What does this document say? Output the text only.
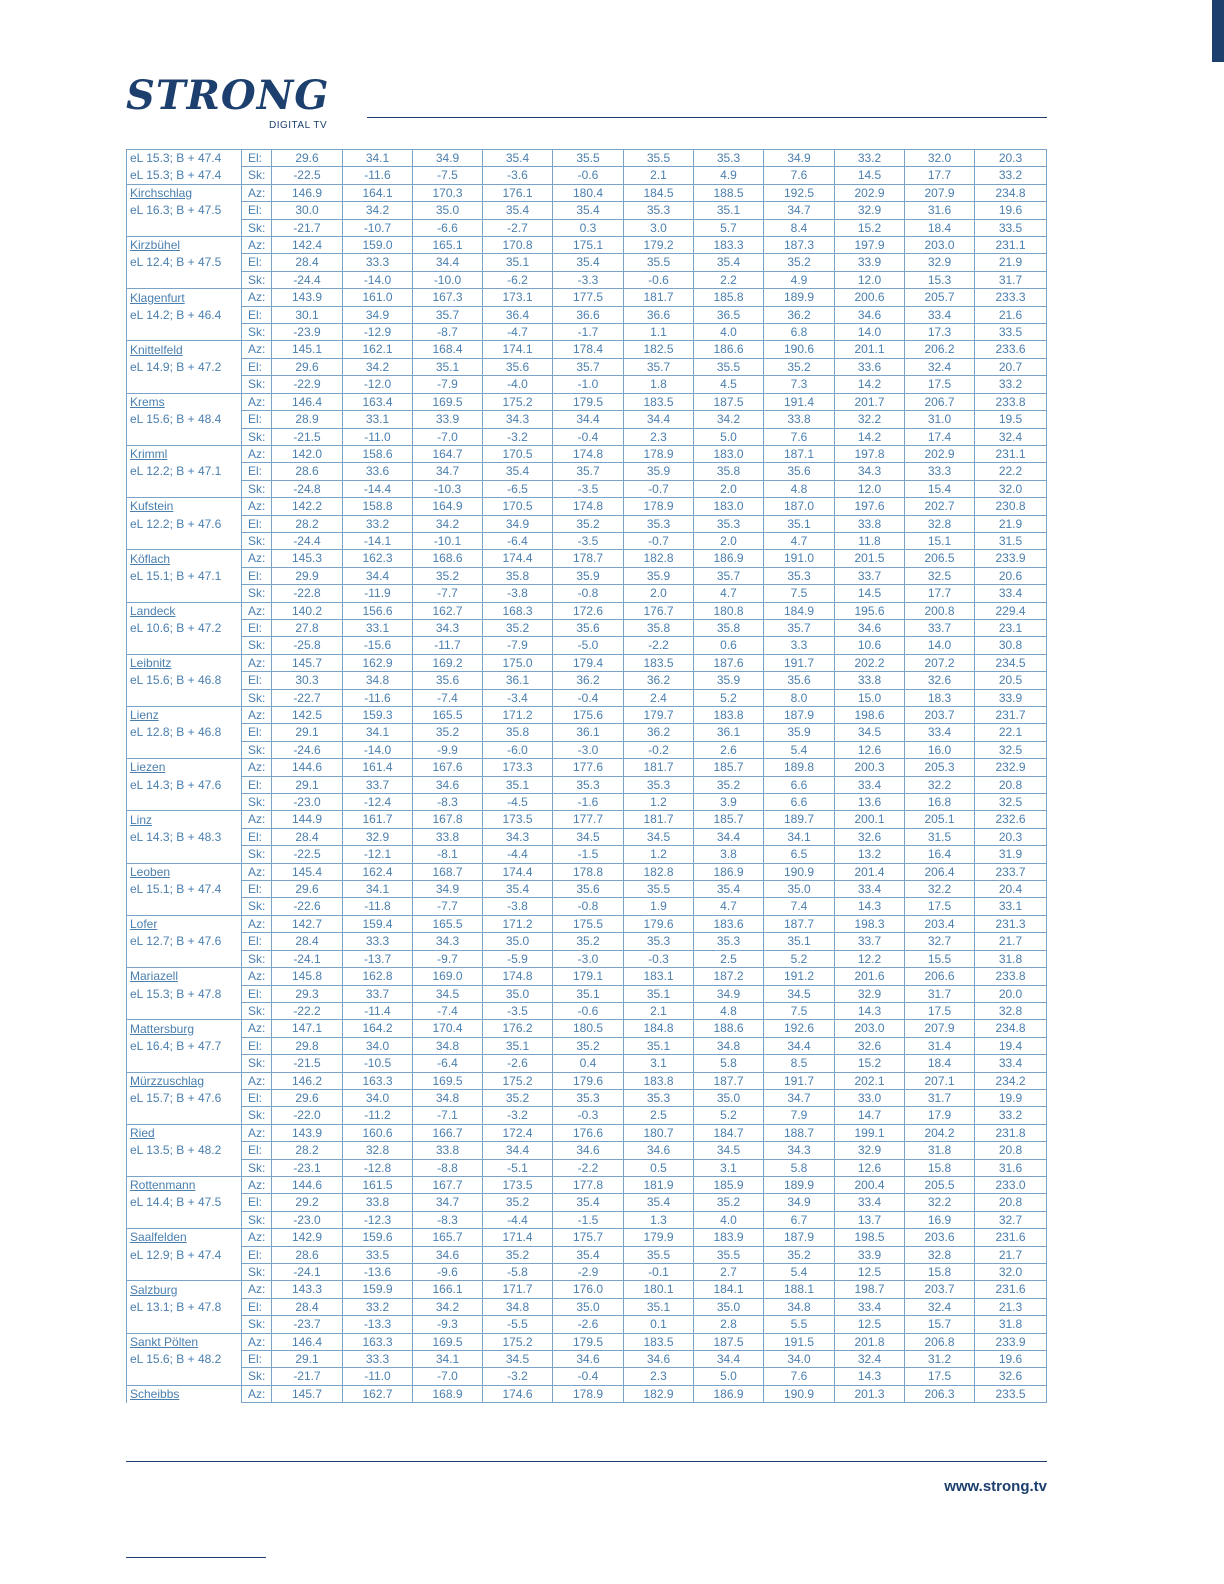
STRONG
DIGITAL TV
eL 15.3; B + 47.4	El:	29.6	34.1	34.9	35.4	35.5	35.5	35.3	34.9	33.2	32.0	20.3
eL 15.3; B + 47.4	Sk:	-22.5	-11.6	-7.5	-3.6	-0.6	2.1	4.9	7.6	14.5	17.7	33.2
Kirchschlag	Az:	146.9	164.1	170.3	176.1	180.4	184.5	188.5	192.5	202.9	207.9	234.8
eL 16.3; B + 47.5	El:	30.0	34.2	35.0	35.4	35.4	35.3	35.1	34.7	32.9	31.6	19.6
	Sk:	-21.7	-10.7	-6.6	-2.7	0.3	3.0	5.7	8.4	15.2	18.4	33.5
Kirzbühel	Az:	142.4	159.0	165.1	170.8	175.1	179.2	183.3	187.3	197.9	203.0	231.1
eL 12.4; B + 47.5	El:	28.4	33.3	34.4	35.1	35.4	35.5	35.4	35.2	33.9	32.9	21.9
	Sk:	-24.4	-14.0	-10.0	-6.2	-3.3	-0.6	2.2	4.9	12.0	15.3	31.7
Klagenfurt	Az:	143.9	161.0	167.3	173.1	177.5	181.7	185.8	189.9	200.6	205.7	233.3
eL 14.2; B + 46.4	El:	30.1	34.9	35.7	36.4	36.6	36.6	36.5	36.2	34.6	33.4	21.6
	Sk:	-23.9	-12.9	-8.7	-4.7	-1.7	1.1	4.0	6.8	14.0	17.3	33.5
Knittelfeld	Az:	145.1	162.1	168.4	174.1	178.4	182.5	186.6	190.6	201.1	206.2	233.6
eL 14.9; B + 47.2	El:	29.6	34.2	35.1	35.6	35.7	35.7	35.5	35.2	33.6	32.4	20.7
	Sk:	-22.9	-12.0	-7.9	-4.0	-1.0	1.8	4.5	7.3	14.2	17.5	33.2
Krems	Az:	146.4	163.4	169.5	175.2	179.5	183.5	187.5	191.4	201.7	206.7	233.8
eL 15.6; B + 48.4	El:	28.9	33.1	33.9	34.3	34.4	34.4	34.2	33.8	32.2	31.0	19.5
	Sk:	-21.5	-11.0	-7.0	-3.2	-0.4	2.3	5.0	7.6	14.2	17.4	32.4
Krimml	Az:	142.0	158.6	164.7	170.5	174.8	178.9	183.0	187.1	197.8	202.9	231.1
eL 12.2; B + 47.1	El:	28.6	33.6	34.7	35.4	35.7	35.9	35.8	35.6	34.3	33.3	22.2
	Sk:	-24.8	-14.4	-10.3	-6.5	-3.5	-0.7	2.0	4.8	12.0	15.4	32.0
Kufstein	Az:	142.2	158.8	164.9	170.5	174.8	178.9	183.0	187.0	197.6	202.7	230.8
eL 12.2; B + 47.6	El:	28.2	33.2	34.2	34.9	35.2	35.3	35.3	35.1	33.8	32.8	21.9
	Sk:	-24.4	-14.1	-10.1	-6.4	-3.5	-0.7	2.0	4.7	11.8	15.1	31.5
Köflach	Az:	145.3	162.3	168.6	174.4	178.7	182.8	186.9	191.0	201.5	206.5	233.9
eL 15.1; B + 47.1	El:	29.9	34.4	35.2	35.8	35.9	35.9	35.7	35.3	33.7	32.5	20.6
	Sk:	-22.8	-11.9	-7.7	-3.8	-0.8	2.0	4.7	7.5	14.5	17.7	33.4
Landeck	Az:	140.2	156.6	162.7	168.3	172.6	176.7	180.8	184.9	195.6	200.8	229.4
eL 10.6; B + 47.2	El:	27.8	33.1	34.3	35.2	35.6	35.8	35.8	35.7	34.6	33.7	23.1
	Sk:	-25.8	-15.6	-11.7	-7.9	-5.0	-2.2	0.6	3.3	10.6	14.0	30.8
Leibnitz	Az:	145.7	162.9	169.2	175.0	179.4	183.5	187.6	191.7	202.2	207.2	234.5
eL 15.6; B + 46.8	El:	30.3	34.8	35.6	36.1	36.2	36.2	35.9	35.6	33.8	32.6	20.5
	Sk:	-22.7	-11.6	-7.4	-3.4	-0.4	2.4	5.2	8.0	15.0	18.3	33.9
Lienz	Az:	142.5	159.3	165.5	171.2	175.6	179.7	183.8	187.9	198.6	203.7	231.7
eL 12.8; B + 46.8	El:	29.1	34.1	35.2	35.8	36.1	36.2	36.1	35.9	34.5	33.4	22.1
	Sk:	-24.6	-14.0	-9.9	-6.0	-3.0	-0.2	2.6	5.4	12.6	16.0	32.5
Liezen	Az:	144.6	161.4	167.6	173.3	177.6	181.7	185.7	189.8	200.3	205.3	232.9
eL 14.3; B + 47.6	El:	29.1	33.7	34.6	35.1	35.3	35.3	35.2	6.6	33.4	32.2	20.8
	Sk:	-23.0	-12.4	-8.3	-4.5	-1.6	1.2	3.9	6.6	13.6	16.8	32.5
Linz	Az:	144.9	161.7	167.8	173.5	177.7	181.7	185.7	189.7	200.1	205.1	232.6
eL 14.3; B + 48.3	El:	28.4	32.9	33.8	34.3	34.5	34.5	34.4	34.1	32.6	31.5	20.3
	Sk:	-22.5	-12.1	-8.1	-4.4	-1.5	1.2	3.8	6.5	13.2	16.4	31.9
Leoben	Az:	145.4	162.4	168.7	174.4	178.8	182.8	186.9	190.9	201.4	206.4	233.7
eL 15.1; B + 47.4	El:	29.6	34.1	34.9	35.4	35.6	35.5	35.4	35.0	33.4	32.2	20.4
	Sk:	-22.6	-11.8	-7.7	-3.8	-0.8	1.9	4.7	7.4	14.3	17.5	33.1
Lofer	Az:	142.7	159.4	165.5	171.2	175.5	179.6	183.6	187.7	198.3	203.4	231.3
eL 12.7; B + 47.6	El:	28.4	33.3	34.3	35.0	35.2	35.3	35.3	35.1	33.7	32.7	21.7
	Sk:	-24.1	-13.7	-9.7	-5.9	-3.0	-0.3	2.5	5.2	12.2	15.5	31.8
Mariazell	Az:	145.8	162.8	169.0	174.8	179.1	183.1	187.2	191.2	201.6	206.6	233.8
eL 15.3; B + 47.8	El:	29.3	33.7	34.5	35.0	35.1	35.1	34.9	34.5	32.9	31.7	20.0
	Sk:	-22.2	-11.4	-7.4	-3.5	-0.6	2.1	4.8	7.5	14.3	17.5	32.8
Mattersburg	Az:	147.1	164.2	170.4	176.2	180.5	184.8	188.6	192.6	203.0	207.9	234.8
eL 16.4; B + 47.7	El:	29.8	34.0	34.8	35.1	35.2	35.1	34.8	34.4	32.6	31.4	19.4
	Sk:	-21.5	-10.5	-6.4	-2.6	0.4	3.1	5.8	8.5	15.2	18.4	33.4
Mürzzuschlag	Az:	146.2	163.3	169.5	175.2	179.6	183.8	187.7	191.7	202.1	207.1	234.2
eL 15.7; B + 47.6	El:	29.6	34.0	34.8	35.2	35.3	35.3	35.0	34.7	33.0	31.7	19.9
	Sk:	-22.0	-11.2	-7.1	-3.2	-0.3	2.5	5.2	7.9	14.7	17.9	33.2
Ried	Az:	143.9	160.6	166.7	172.4	176.6	180.7	184.7	188.7	199.1	204.2	231.8
eL 13.5; B + 48.2	El:	28.2	32.8	33.8	34.4	34.6	34.6	34.5	34.3	32.9	31.8	20.8
	Sk:	-23.1	-12.8	-8.8	-5.1	-2.2	0.5	3.1	5.8	12.6	15.8	31.6
Rottenmann	Az:	144.6	161.5	167.7	173.5	177.8	181.9	185.9	189.9	200.4	205.5	233.0
eL 14.4; B + 47.5	El:	29.2	33.8	34.7	35.2	35.4	35.4	35.2	34.9	33.4	32.2	20.8
	Sk:	-23.0	-12.3	-8.3	-4.4	-1.5	1.3	4.0	6.7	13.7	16.9	32.7
Saalfelden	Az:	142.9	159.6	165.7	171.4	175.7	179.9	183.9	187.9	198.5	203.6	231.6
eL 12.9; B + 47.4	El:	28.6	33.5	34.6	35.2	35.4	35.5	35.5	35.2	33.9	32.8	21.7
	Sk:	-24.1	-13.6	-9.6	-5.8	-2.9	-0.1	2.7	5.4	12.5	15.8	32.0
Salzburg	Az:	143.3	159.9	166.1	171.7	176.0	180.1	184.1	188.1	198.7	203.7	231.6
eL 13.1; B + 47.8	El:	28.4	33.2	34.2	34.8	35.0	35.1	35.0	34.8	33.4	32.4	21.3
	Sk:	-23.7	-13.3	-9.3	-5.5	-2.6	0.1	2.8	5.5	12.5	15.7	31.8
Sankt Pölten	Az:	146.4	163.3	169.5	175.2	179.5	183.5	187.5	191.5	201.8	206.8	233.9
eL 15.6; B + 48.2	El:	29.1	33.3	34.1	34.5	34.6	34.6	34.4	34.0	32.4	31.2	19.6
	Sk:	-21.7	-11.0	-7.0	-3.2	-0.4	2.3	5.0	7.6	14.3	17.5	32.6
Scheibbs	Az:	145.7	162.7	168.9	174.6	178.9	182.9	186.9	190.9	201.3	206.3	233.5
www.strong.tv
